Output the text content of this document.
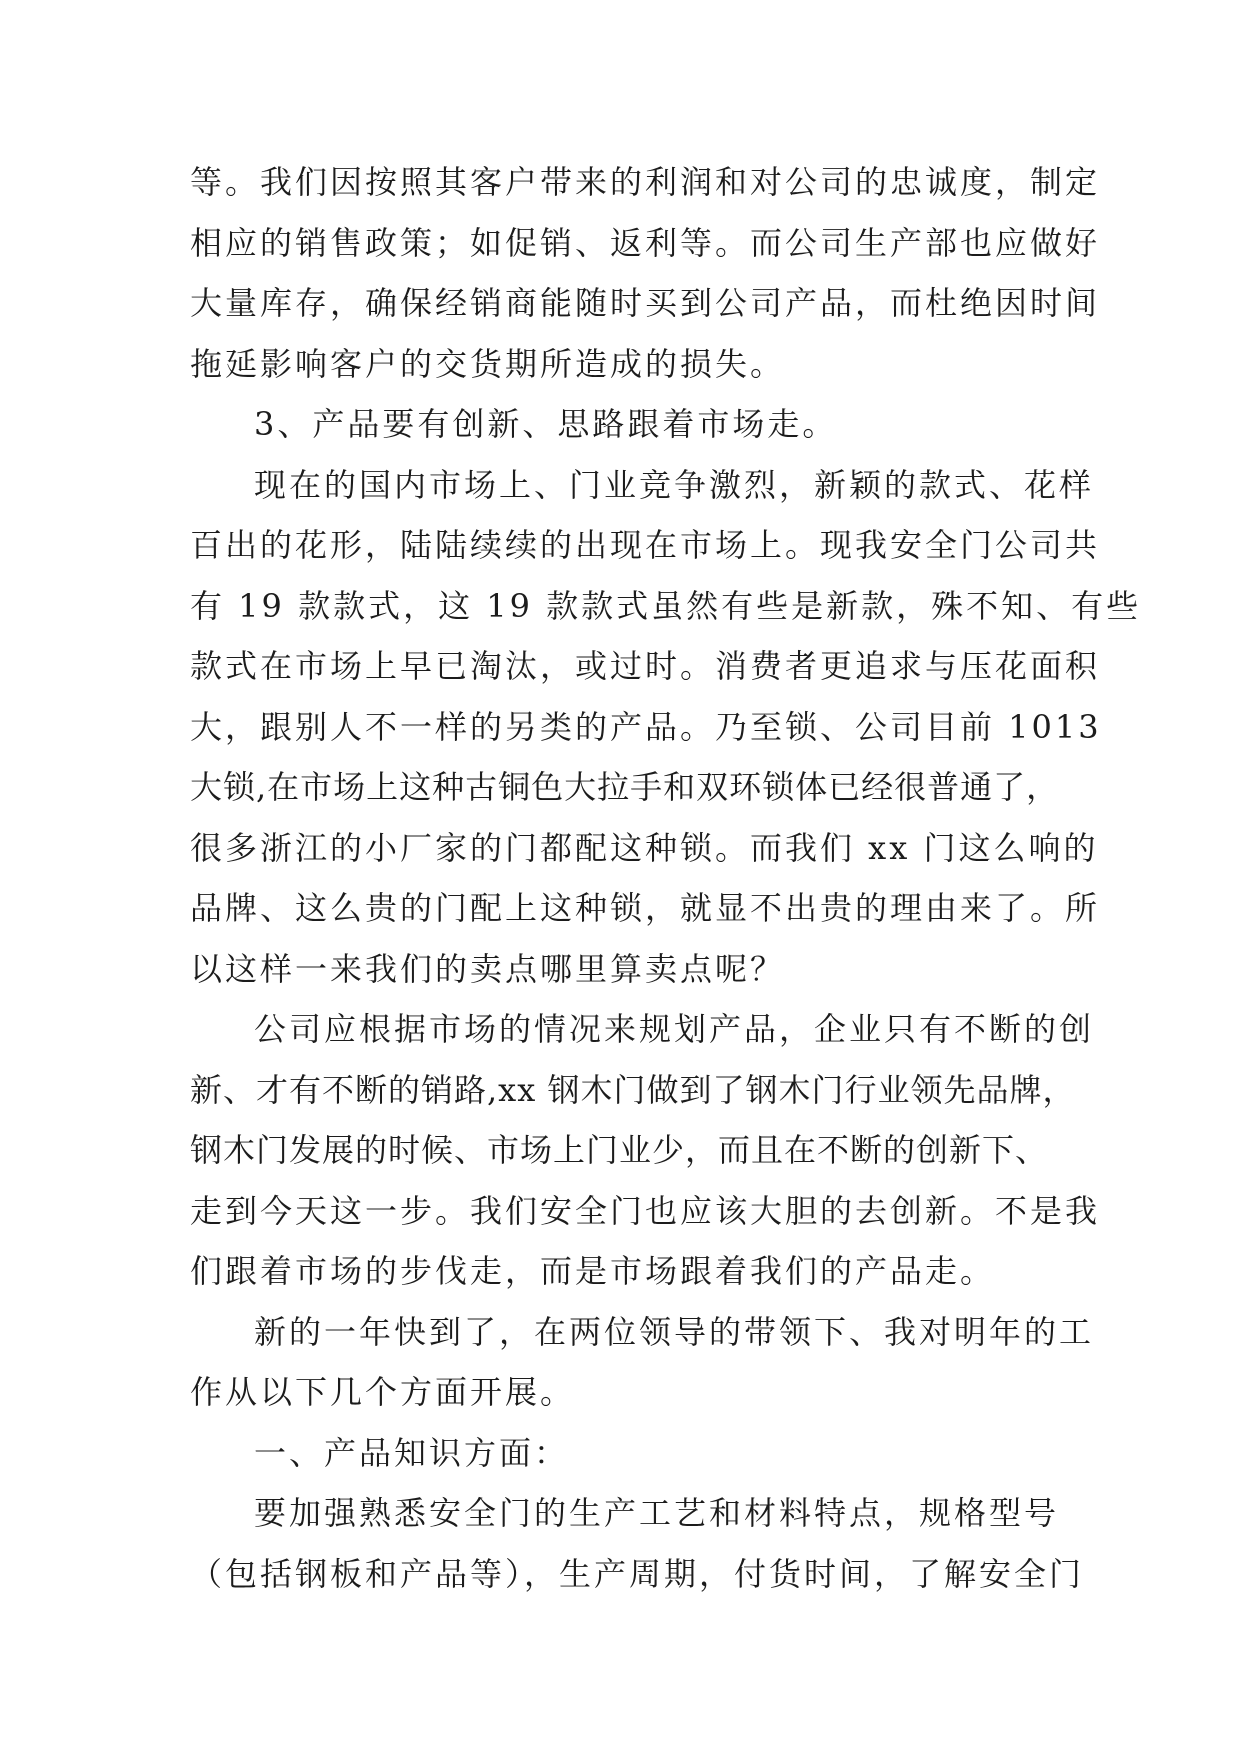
等。我们因按照其客户带来的利润和对公司的忠诚度，制定
相应的销售政策；如促销、返利等。而公司生产部也应做好
大量库存，确保经销商能随时买到公司产品，而杜绝因时间
拖延影响客户的交货期所造成的损失。
3、产品要有创新、思路跟着市场走。
现在的国内市场上、门业竞争激烈，新颖的款式、花样
百出的花形，陆陆续续的出现在市场上。现我安全门公司共
有 19 款款式，这 19 款款式虽然有些是新款，殊不知、有些
款式在市场上早已淘汰，或过时。消费者更追求与压花面积
大，跟别人不一样的另类的产品。乃至锁、公司目前 1013
大锁,在市场上这种古铜色大拉手和双环锁体已经很普通了，
很多浙江的小厂家的门都配这种锁。而我们 xx 门这么响的
品牌、这么贵的门配上这种锁，就显不出贵的理由来了。所
以这样一来我们的卖点哪里算卖点呢？
公司应根据市场的情况来规划产品，企业只有不断的创
新、才有不断的销路,xx 钢木门做到了钢木门行业领先品牌，
钢木门发展的时候、市场上门业少，而且在不断的创新下、
走到今天这一步。我们安全门也应该大胆的去创新。不是我
们跟着市场的步伐走，而是市场跟着我们的产品走。
新的一年快到了，在两位领导的带领下、我对明年的工
作从以下几个方面开展。
一、产品知识方面：
要加强熟悉安全门的生产工艺和材料特点，规格型号
（包括钢板和产品等），生产周期，付货时间，了解安全门
